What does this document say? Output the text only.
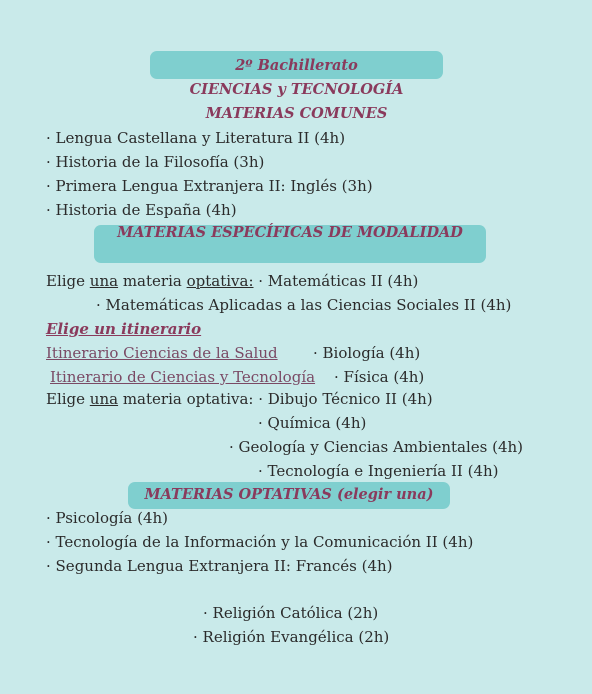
2º Bachillerato
CIENCIAS y TECNOLOGÍA
MATERIAS COMUNES
· Lengua Castellana y Literatura II (4h)
· Historia de la Filosofía (3h)
· Primera Lengua Extranjera II: Inglés (3h)
· Historia de España (4h)
MATERIAS ESPECÍFICAS DE MODALIDAD
Elige una materia optativa: · Matemáticas II (4h)
· Matemáticas Aplicadas a las Ciencias Sociales II (4h)
Elige un itinerario
Itinerario Ciencias de la Salud · Biología (4h)
Itinerario de Ciencias y Tecnología · Física (4h)
Elige una materia optativa: · Dibujo Técnico II (4h)
· Química (4h)
· Geología y Ciencias Ambientales (4h)
· Tecnología e Ingeniería II (4h)
MATERIAS OPTATIVAS (elegir una)
· Psicología (4h)
· Tecnología de la Información y la Comunicación II (4h)
· Segunda Lengua Extranjera II: Francés (4h)
· Religión Católica (2h)
· Religión Evangélica (2h)
